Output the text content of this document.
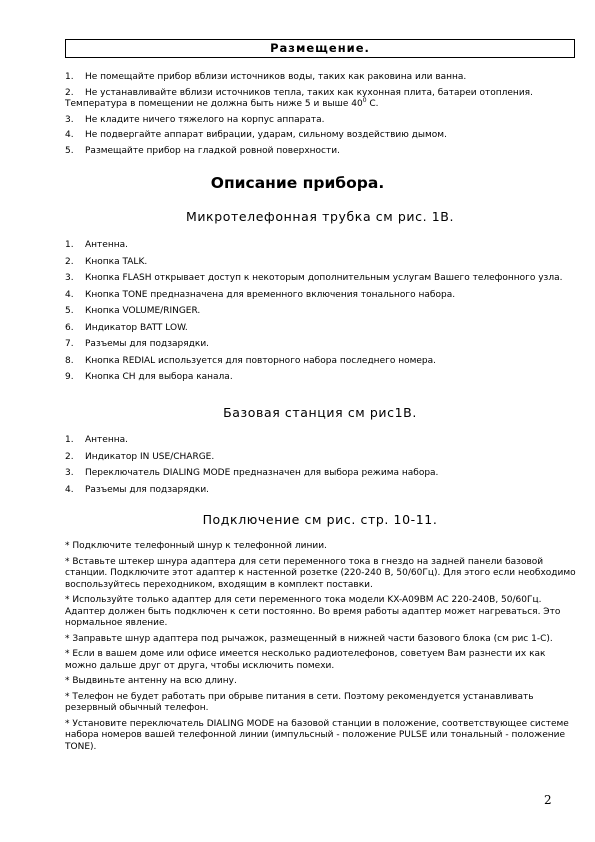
Размещение.
1. Не помещайте прибор вблизи источников воды, таких как раковина или ванна.
2. Не устанавливайте вблизи источников тепла, таких как кухонная плита, батареи отопления. Температура в помещении не должна быть ниже 5 и выше $40^0$ С.
3. Не кладите ничего тяжелого на корпус аппарата.
4. Не подвергайте аппарат вибрации, ударам, сильному воздействию дымом.
5. Размещайте прибор на гладкой ровной поверхности.
Описание прибора.
Микротелефонная трубка см рис. 1B.
1. Антенна.
2. Кнопка TALK.
3. Кнопка FLASH открывает доступ к некоторым дополнительным услугам Вашего телефонного узла.
4. Кнопка TONE предназначена для временного включения тонального набора.
5. Кнопка VOLUME/RINGER.
6. Индикатор BATT LOW.
7. Разъемы для подзарядки.
8. Кнопка REDIAL используется для повторного набора последнего номера.
9. Кнопка CH для выбора канала.
Базовая станция см рис1B.
1. Антенна.
2. Индикатор IN USE/CHARGE.
3. Переключатель DIALING MODE предназначен для выбора режима набора.
4. Разъемы для подзарядки.
Подключение см рис. стр. 10-11.

* Подключите телефонный шнур к телефонной линии.

* Вставьте штекер шнура адаптера для сети переменного тока в гнездо на задней панели базовой станции. Подключите этот адаптер к настенной розетке (220-240 В, 50/60Гц). Для этого если необходимо воспользуйтесь переходником, входящим в комплект поставки.

* Используйте только адаптер для сети переменного тока модели KX-A09BM AC 220-240В, 50/60Гц. Адаптер должен быть подключен к сети постоянно. Во время работы адаптер может нагреваться. Это нормальное явление.

* Заправьте шнур адаптера под рычажок, размещенный в нижней части базового блока (см рис 1-С).

* Если в вашем доме или офисе имеется несколько радиотелефонов, советуем Вам разнести их как можно дальше друг от друга, чтобы исключить помехи.

* Выдвиньте антенну на всю длину.

* Телефон не будет работать при обрыве питания в сети. Поэтому рекомендуется устанавливать резервный обычный телефон.

* Установите переключатель DIALING MODE на базовой станции в положение, соответствующее системе набора номеров вашей телефонной линии (импульсный - положение PULSE или тональный - положение TONE).

2
